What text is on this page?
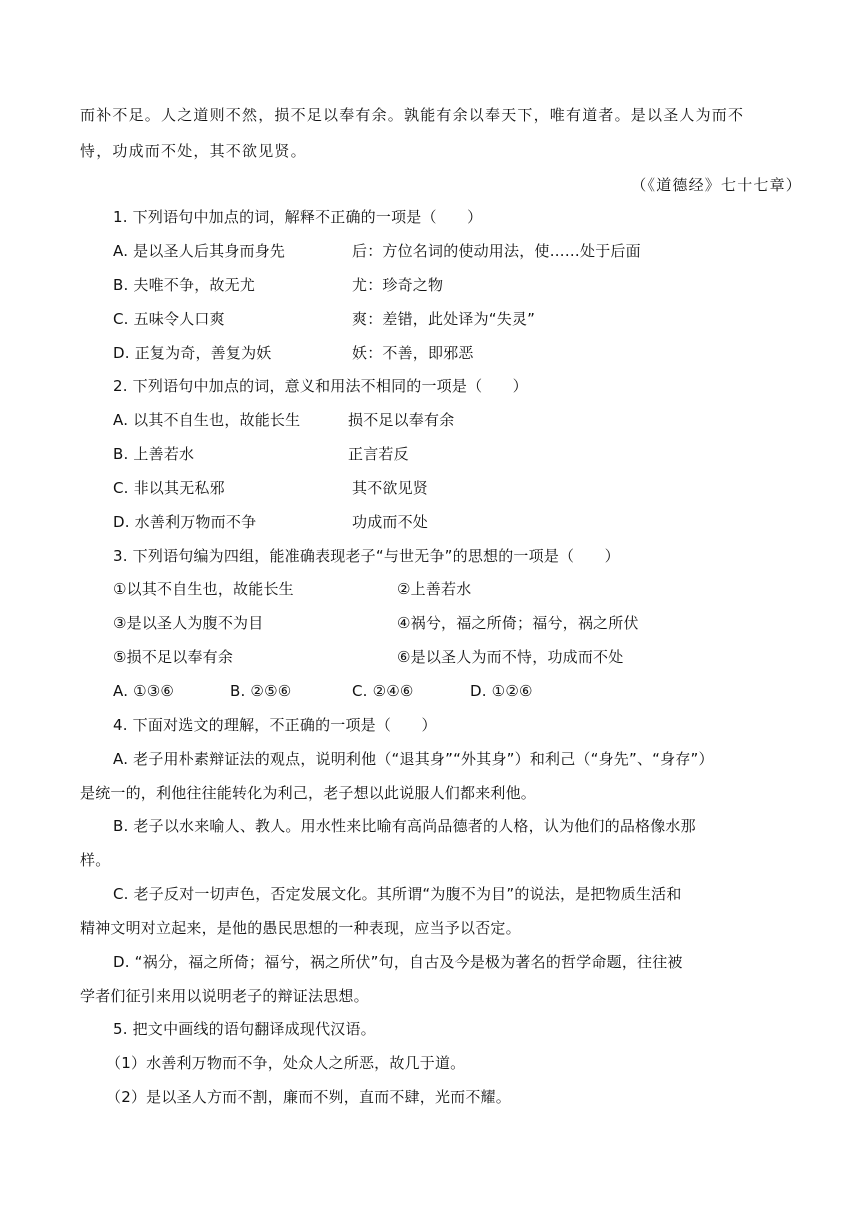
而补不足。人之道则不然，损不足以奉有余。孰能有余以奉天下，唯有道者。是以圣人为而不
恃，功成而不处，其不欲见贤。
（《道德经》七十七章）
1. 下列语句中加点的词，解释不正确的一项是（　　）
A. 是以圣人后其身而身先	后：方位名词的使动用法，使……处于后面
B. 夫唯不争，故无尤	尤：珍奇之物
C. 五味令人口爽	爽：差错，此处译为“失灵”
D. 正复为奇，善复为妖	妖：不善，即邪恶
2. 下列语句中加点的词，意义和用法不相同的一项是（　　）
A. 以其不自生也，故能长生	损不足以奉有余
B. 上善若水	正言若反
C. 非以其无私邪	其不欲见贤
D. 水善利万物而不争	功成而不处
3. 下列语句编为四组，能准确表现老子“与世无争”的思想的一项是（　　）
①以其不自生也，故能长生	②上善若水
③是以圣人为腹不为目	④祸兮，福之所倚；福兮，祸之所伏
⑤损不足以奉有余	⑥是以圣人为而不恃，功成而不处
A. ①③⑥	B. ②⑤⑥	C. ②④⑥	D. ①②⑥
4. 下面对选文的理解，不正确的一项是（　　）
A. 老子用朴素辩证法的观点，说明利他（“退其身”“外其身”）和利己（“身先”、“身存”）
是统一的，利他往往能转化为利己，老子想以此说服人们都来利他。
B. 老子以水来喻人、教人。用水性来比喻有高尚品德者的人格，认为他们的品格像水那
样。
C. 老子反对一切声色，否定发展文化。其所谓“为腹不为目”的说法，是把物质生活和
精神文明对立起来，是他的愚民思想的一种表现，应当予以否定。
D. “祸分，福之所倚；福兮，祸之所伏”句，自古及今是极为著名的哲学命题，往往被
学者们征引来用以说明老子的辩证法思想。
5. 把文中画线的语句翻译成现代汉语。
（1）水善利万物而不争，处众人之所恶，故几于道。
（2）是以圣人方而不割，廉而不刿，直而不肆，光而不耀。
